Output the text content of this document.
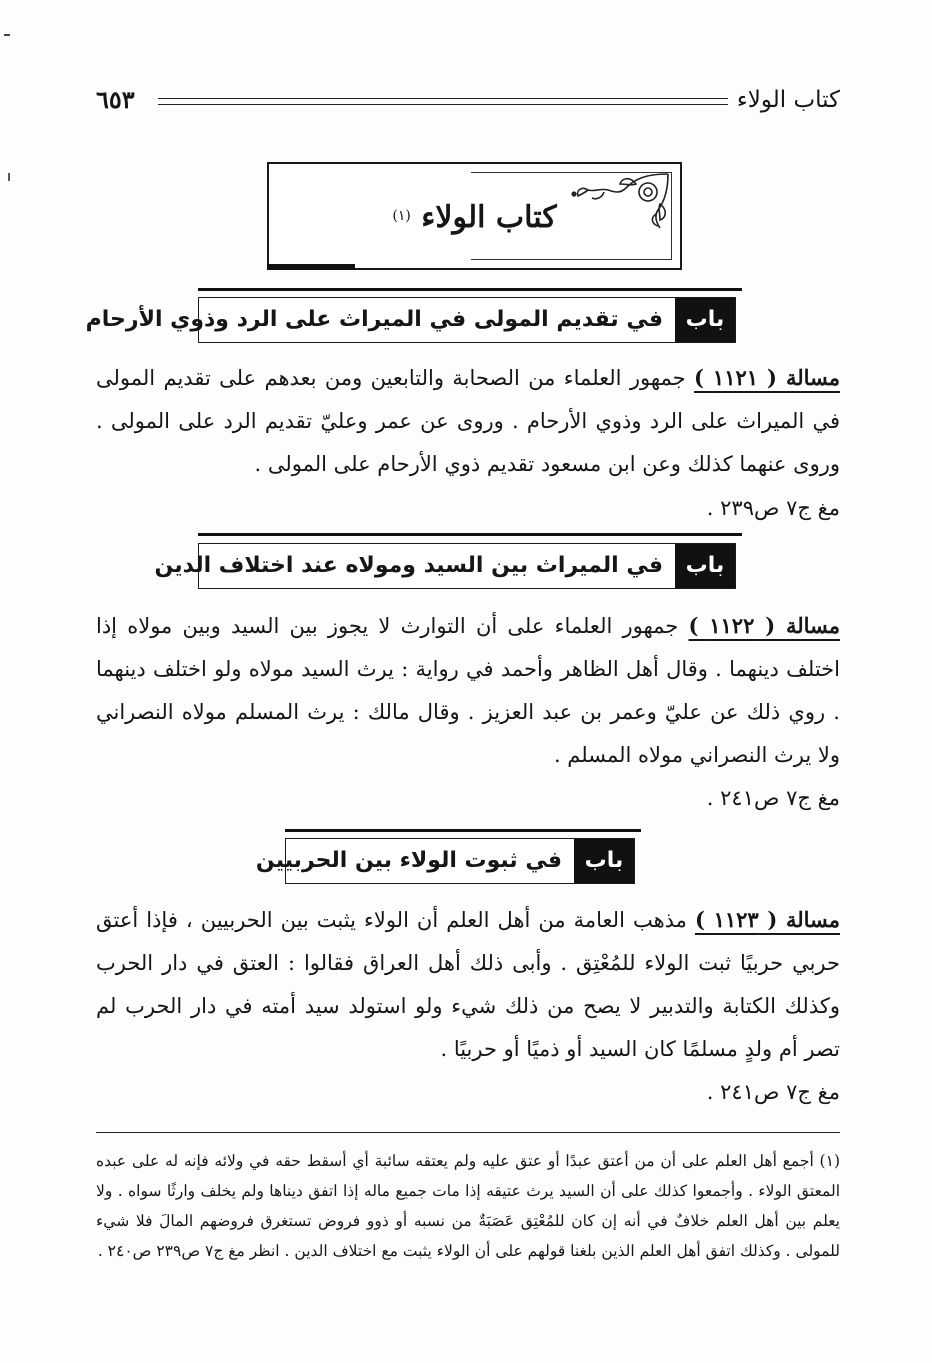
كتاب الولاء
٦٥٣
كتاب الولاء $^{(١)}$
باب
في تقديم المولى في الميراث على الرد وذوي الأرحام
مسالة ( ١١٢١ ) جمهور العلماء من الصحابة والتابعين ومن بعدهم على تقديم المولى في الميراث على الرد وذوي الأرحام . وروى عن عمر وعليّ تقديم الرد على المولى . وروى عنهما كذلك وعن ابن مسعود تقديم ذوي الأرحام على المولى .
مغ ج٧ ص٢٣٩ .
باب
في الميراث بين السيد ومولاه عند اختلاف الدين
مسالة ( ١١٢٢ ) جمهور العلماء على أن التوارث لا يجوز بين السيد وبين مولاه إذا اختلف دينهما . وقال أهل الظاهر وأحمد في رواية : يرث السيد مولاه ولو اختلف دينهما . روي ذلك عن عليّ وعمر بن عبد العزيز . وقال مالك : يرث المسلم مولاه النصراني ولا يرث النصراني مولاه المسلم .
مغ ج٧ ص٢٤١ .
باب
في ثبوت الولاء بين الحربيين
مسالة ( ١١٢٣ ) مذهب العامة من أهل العلم أن الولاء يثبت بين الحربيين ، فإذا أعتق حربي حربيًا ثبت الولاء للمُعْتِق . وأبى ذلك أهل العراق فقالوا : العتق في دار الحرب وكذلك الكتابة والتدبير لا يصح من ذلك شيء ولو استولد سيد أمته في دار الحرب لم تصر أم ولدٍ مسلمًا كان السيد أو ذميًا أو حربيًا .
مغ ج٧ ص٢٤١ .
(١) أجمع أهل العلم على أن من أعتق عبدًا أو عتق عليه ولم يعتقه سائبة أي أسقط حقه في ولائه فإنه له على عبده المعتق الولاء . وأجمعوا كذلك على أن السيد يرث عتيقه إذا مات جميع ماله إذا اتفق ديناها ولم يخلف وارثًا سواه . ولا يعلم بين أهل العلم خلافٌ في أنه إن كان للمُعْتِق عَصَبَةٌ من نسبه أو ذوو فروض تستغرق فروضهم المالَ فلا شيء للمولى . وكذلك اتفق أهل العلم الذين بلغنا قولهم على أن الولاء يثبت مع اختلاف الدين . انظر مغ ج٧ ص٢٣٩ ص٢٤٠ .
